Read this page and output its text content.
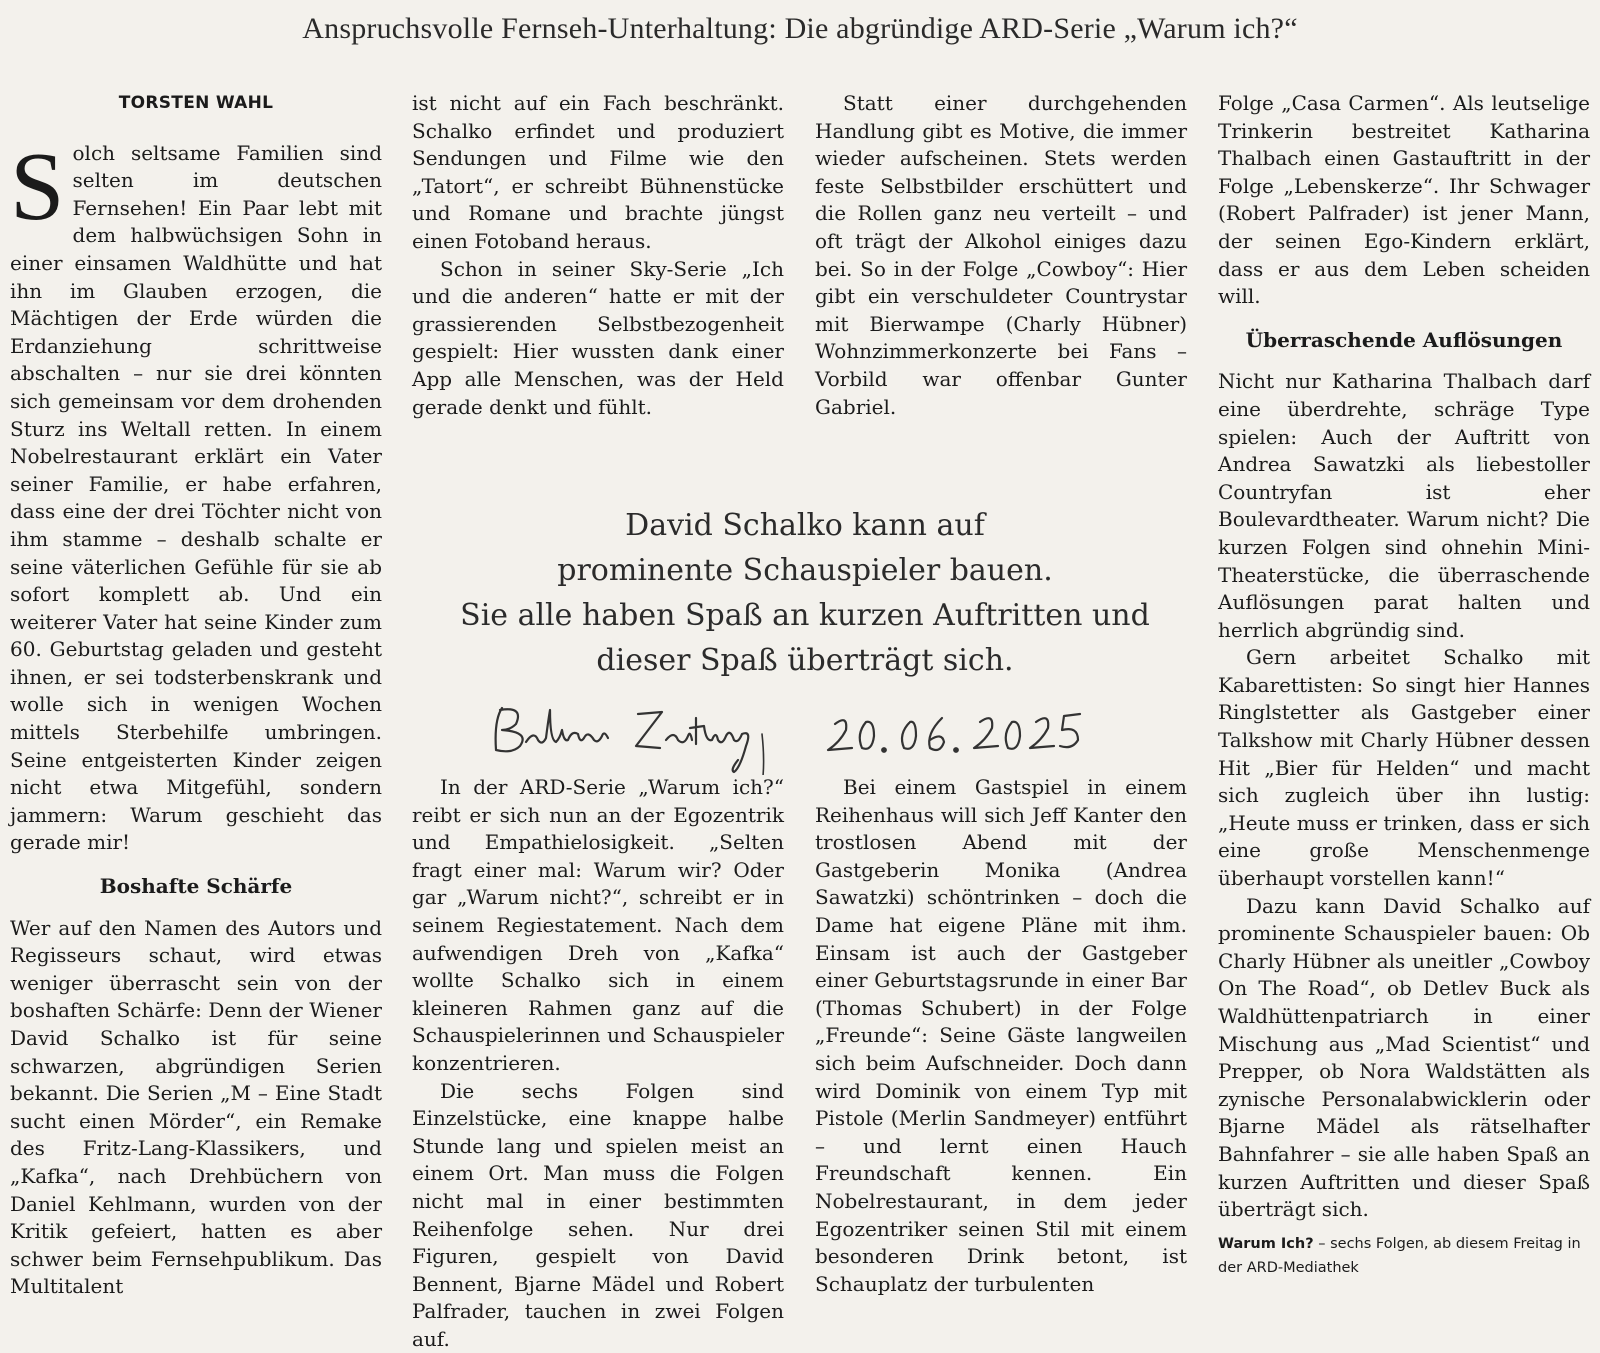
Anspruchsvolle Fernseh-Unterhaltung: Die abgründige ARD-Serie „Warum ich?“
TORSTEN WAHL

Solch seltsame Familien sind selten im deutschen Fernsehen! Ein Paar lebt mit dem halbwüchsigen Sohn in einer einsamen Waldhütte und hat ihn im Glauben erzogen, die Mächtigen der Erde würden die Erdanziehung schrittweise abschalten – nur sie drei könnten sich gemeinsam vor dem drohenden Sturz ins Weltall retten. In einem Nobelrestaurant erklärt ein Vater seiner Familie, er habe erfahren, dass eine der drei Töchter nicht von ihm stamme – deshalb schalte er seine väterlichen Gefühle für sie ab sofort komplett ab. Und ein weiterer Vater hat seine Kinder zum 60. Geburtstag geladen und gesteht ihnen, er sei todsterbenskrank und wolle sich in wenigen Wochen mittels Sterbehilfe umbringen. Seine entgeisterten Kinder zeigen nicht etwa Mitgefühl, sondern jammern: Warum geschieht das gerade mir!

Boshafte Schärfe

Wer auf den Namen des Autors und Regisseurs schaut, wird etwas weniger überrascht sein von der boshaften Schärfe: Denn der Wiener David Schalko ist für seine schwarzen, abgründigen Serien bekannt. Die Serien „M – Eine Stadt sucht einen Mörder“, ein Remake des Fritz-Lang-Klassikers, und „Kafka“, nach Drehbüchern von Daniel Kehlmann, wurden von der Kritik gefeiert, hatten es aber schwer beim Fernsehpublikum. Das Multitalent

ist nicht auf ein Fach beschränkt. Schalko erfindet und produziert Sendungen und Filme wie den „Tatort“, er schreibt Bühnenstücke und Romane und brachte jüngst einen Fotoband heraus.

Schon in seiner Sky-Serie „Ich und die anderen“ hatte er mit der grassierenden Selbstbezogenheit gespielt: Hier wussten dank einer App alle Menschen, was der Held gerade denkt und fühlt.

Statt einer durchgehenden Handlung gibt es Motive, die immer wieder aufscheinen. Stets werden feste Selbstbilder erschüttert und die Rollen ganz neu verteilt – und oft trägt der Alkohol einiges dazu bei. So in der Folge „Cowboy“: Hier gibt ein verschuldeter Countrystar mit Bierwampe (Charly Hübner) Wohnzimmerkonzerte bei Fans – Vorbild war offenbar Gunter Gabriel.

Folge „Casa Carmen“. Als leutselige Trinkerin bestreitet Katharina Thalbach einen Gastauftritt in der Folge „Lebenskerze“. Ihr Schwager (Robert Palfrader) ist jener Mann, der seinen Ego-Kindern erklärt, dass er aus dem Leben scheiden will.

Überraschende Auflösungen

Nicht nur Katharina Thalbach darf eine überdrehte, schräge Type spielen: Auch der Auftritt von Andrea Sawatzki als liebestoller Countryfan ist eher Boulevardtheater. Warum nicht? Die kurzen Folgen sind ohnehin Mini-Theaterstücke, die überraschende Auflösungen parat halten und herrlich abgründig sind.

Gern arbeitet Schalko mit Kabarettisten: So singt hier Hannes Ringlstetter als Gastgeber einer Talkshow mit Charly Hübner dessen Hit „Bier für Helden“ und macht sich zugleich über ihn lustig: „Heute muss er trinken, dass er sich eine große Menschenmenge überhaupt vorstellen kann!“

Dazu kann David Schalko auf prominente Schauspieler bauen: Ob Charly Hübner als uneitler „Cowboy On The Road“, ob Detlev Buck als Waldhüttenpatriarch in einer Mischung aus „Mad Scientist“ und Prepper, ob Nora Waldstätten als zynische Personalabwicklerin oder Bjarne Mädel als rätselhafter Bahnfahrer – sie alle haben Spaß an kurzen Auftritten und dieser Spaß überträgt sich.

David Schalko kann auf
prominente Schauspieler bauen.
Sie alle haben Spaß an kurzen Auftritten und
dieser Spaß überträgt sich.

In der ARD-Serie „Warum ich?“ reibt er sich nun an der Egozentrik und Empathielosigkeit. „Selten fragt einer mal: Warum wir? Oder gar „Warum nicht?“, schreibt er in seinem Regiestatement. Nach dem aufwendigen Dreh von „Kafka“ wollte Schalko sich in einem kleineren Rahmen ganz auf die Schauspielerinnen und Schauspieler konzentrieren.

Die sechs Folgen sind Einzelstücke, eine knappe halbe Stunde lang und spielen meist an einem Ort. Man muss die Folgen nicht mal in einer bestimmten Reihenfolge sehen. Nur drei Figuren, gespielt von David Bennent, Bjarne Mädel und Robert Palfrader, tauchen in zwei Folgen auf.

Bei einem Gastspiel in einem Reihenhaus will sich Jeff Kanter den trostlosen Abend mit der Gastgeberin Monika (Andrea Sawatzki) schöntrinken – doch die Dame hat eigene Pläne mit ihm. Einsam ist auch der Gastgeber einer Geburtstagsrunde in einer Bar (Thomas Schubert) in der Folge „Freunde“: Seine Gäste langweilen sich beim Aufschneider. Doch dann wird Dominik von einem Typ mit Pistole (Merlin Sandmeyer) entführt – und lernt einen Hauch Freundschaft kennen. Ein Nobelrestaurant, in dem jeder Egozentriker seinen Stil mit einem besonderen Drink betont, ist Schauplatz der turbulenten

Warum Ich? – sechs Folgen, ab diesem Freitag in der ARD-Mediathek
